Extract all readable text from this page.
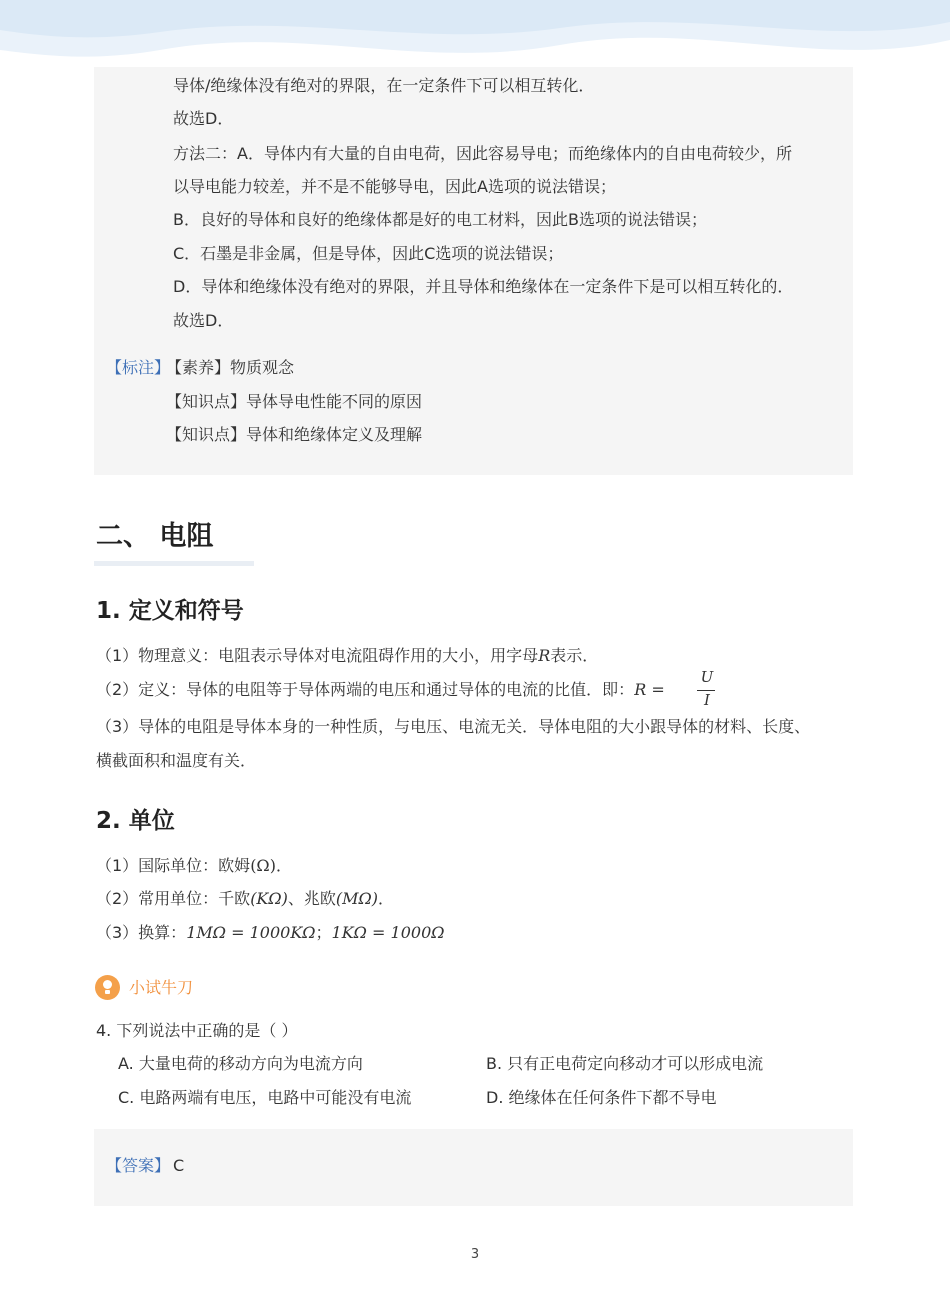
导体/绝缘体没有绝对的界限，在一定条件下可以相互转化．
故选D．
方法二：A．导体内有大量的自由电荷，因此容易导电；而绝缘体内的自由电荷较少，所
以导电能力较差，并不是不能够导电，因此A选项的说法错误；
B．良好的导体和良好的绝缘体都是好的电工材料，因此B选项的说法错误；
C．石墨是非金属，但是导体，因此C选项的说法错误；
D．导体和绝缘体没有绝对的界限，并且导体和绝缘体在一定条件下是可以相互转化的．
故选D．
【标注】
【素养】物质观念
【知识点】导体导电性能不同的原因
【知识点】导体和绝缘体定义及理解
二、 电阻
1. 定义和符号
（1）物理意义：电阻表示导体对电流阻碍作用的大小，用字母R表示．
（2）定义：导体的电阻等于导体两端的电压和通过导体的电流的比值．即：R =
U
I
（3）导体的电阻是导体本身的一种性质，与电压、电流无关．导体电阻的大小跟导体的材料、长度、
横截面积和温度有关．
2. 单位
（1）国际单位：欧姆(Ω)．
（2）常用单位：千欧(KΩ)、兆欧(MΩ)．
（3）换算：1MΩ = 1000KΩ；1KΩ = 1000Ω
小试牛刀
4. 下列说法中正确的是（ ）
A. 大量电荷的移动方向为电流方向	B. 只有正电荷定向移动才可以形成电流
C. 电路两端有电压，电路中可能没有电流	D. 绝缘体在任何条件下都不导电
【答案】 C
3
